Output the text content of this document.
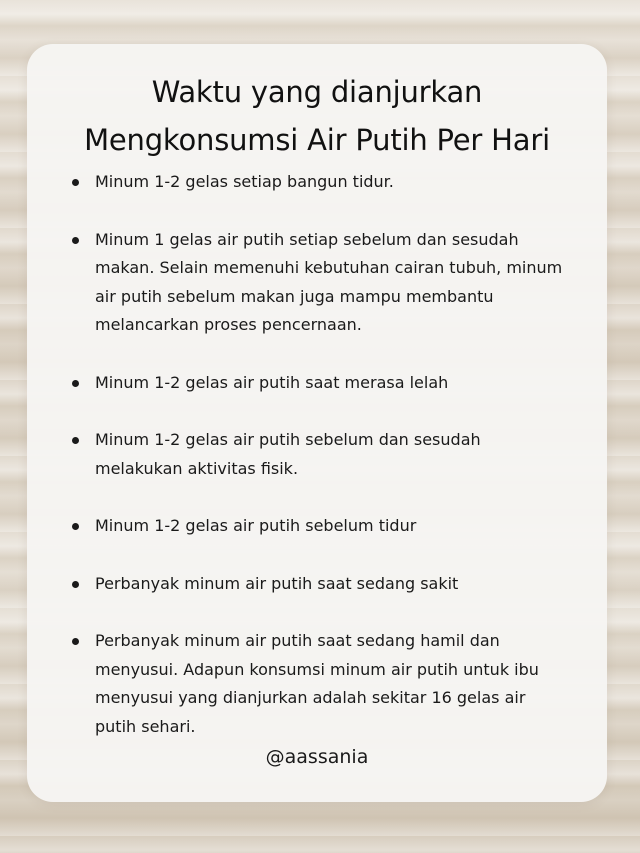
Waktu yang dianjurkan
Mengkonsumsi Air Putih Per Hari
Minum 1-2 gelas setiap bangun tidur.
Minum 1 gelas air putih setiap sebelum dan sesudah makan. Selain memenuhi kebutuhan cairan tubuh, minum air putih sebelum makan juga mampu membantu melancarkan proses pencernaan.
Minum 1-2 gelas air putih saat merasa lelah
Minum 1-2 gelas air putih sebelum dan sesudah melakukan aktivitas fisik.
Minum 1-2 gelas air putih sebelum tidur
Perbanyak minum air putih saat sedang sakit
Perbanyak minum air putih saat sedang hamil dan menyusui. Adapun konsumsi minum air putih untuk ibu menyusui yang dianjurkan adalah sekitar 16 gelas air putih sehari.
@aassania
